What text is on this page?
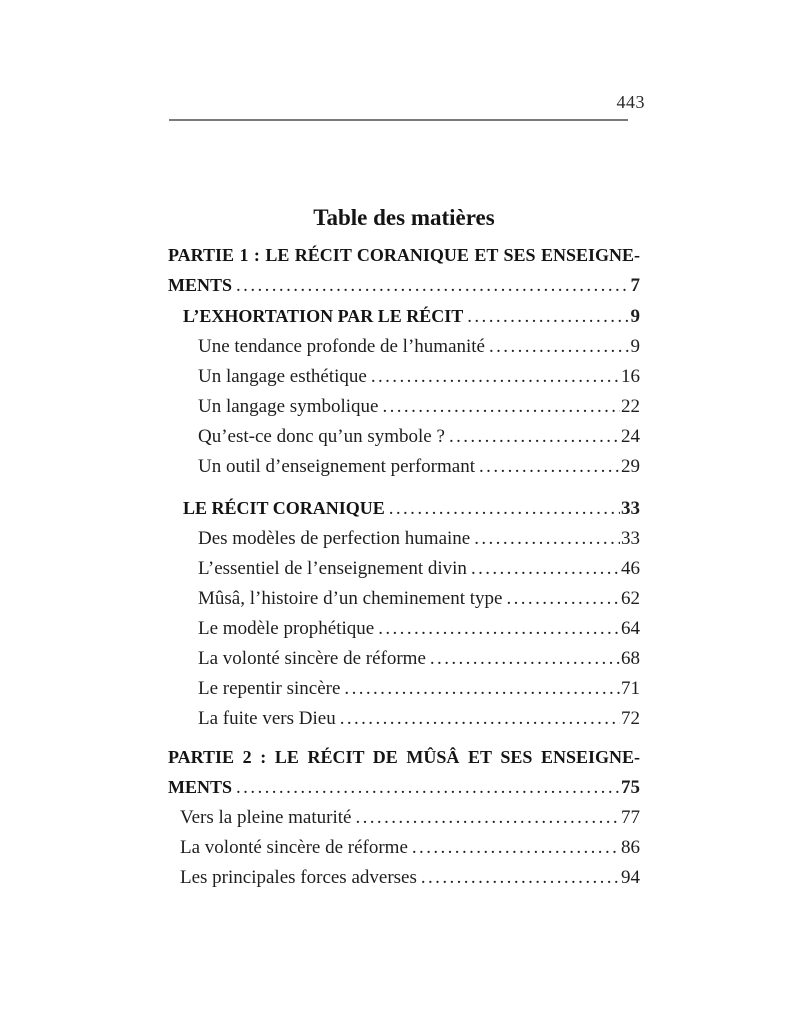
443
Table des matières
PARTIE 1 : LE RÉCIT CORANIQUE ET SES ENSEIGNE-
MENTS .....	7
L’EXHORTATION PAR LE RÉCIT .....	9
Une tendance profonde de l’humanité .....	9
Un langage esthétique .....	16
Un langage symbolique .....	22
Qu’est-ce donc qu’un symbole ? .....	24
Un outil d’enseignement performant .....	29
LE RÉCIT CORANIQUE .....	33
Des modèles de perfection humaine .....	33
L’essentiel de l’enseignement divin .....	46
Mûsâ, l’histoire d’un cheminement type .....	62
Le modèle prophétique .....	64
La volonté sincère de réforme .....	68
Le repentir sincère .....	71
La fuite vers Dieu .....	72
PARTIE 2 : LE RÉCIT DE MÛSÂ ET SES ENSEIGNE-
MENTS .....	75
Vers la pleine maturité .....	77
La volonté sincère de réforme .....	86
Les principales forces adverses .....	94
